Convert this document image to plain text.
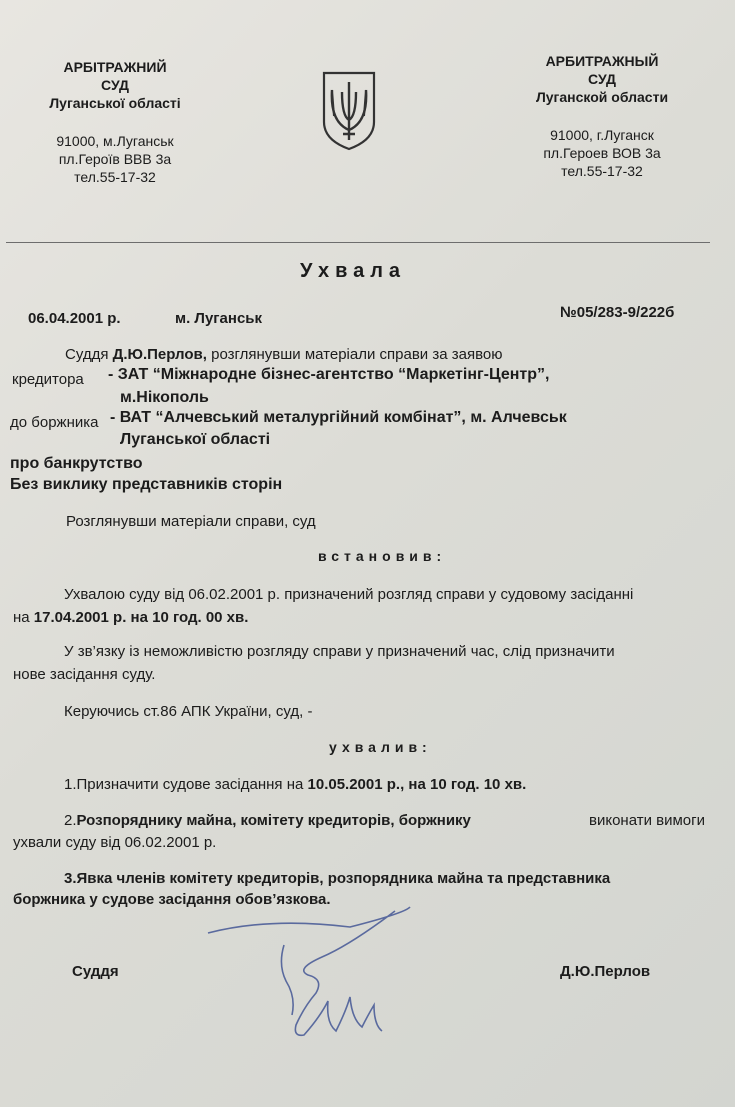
АРБІТРАЖНИЙ
СУД
Луганської області
91000, м.Луганськ
пл.Героїв ВВВ 3а
тел.55-17-32
АРБИТРАЖНЫЙ
СУД
Луганской области
91000, г.Луганск
пл.Героев ВОВ 3а
тел.55-17-32
Ухвала
06.04.2001 р.	м. Луганськ	№05/283-9/222б
Суддя Д.Ю.Перлов, розглянувши матеріали справи за заявою
кредитора - ЗАТ “Міжнародне бізнес-агентство “Маркетінг-Центр”,
м.Нікополь
до боржника - ВАТ “Алчевський металургійний комбінат”, м. Алчевськ
Луганської області
про банкрутство
Без виклику представників сторін
Розглянувши матеріали справи, суд
встановив:
Ухвалою суду від 06.02.2001 р. призначений розгляд справи у судовому засіданні
на 17.04.2001 р. на 10 год. 00 хв.
У зв’язку із неможливістю розгляду справи у призначений час, слід призначити
нове засідання суду.
Керуючись ст.86 АПК України, суд, -
ухвалив:
1.Призначити судове засідання на 10.05.2001 р., на 10 год. 10 хв.
2.Розпоряднику майна, комітету кредиторів, боржнику	виконати вимоги
ухвали суду від 06.02.2001 р.
3.Явка членів комітету кредиторів, розпорядника майна та представника
боржника у судове засідання обов’язкова.
Суддя	Д.Ю.Перлов
